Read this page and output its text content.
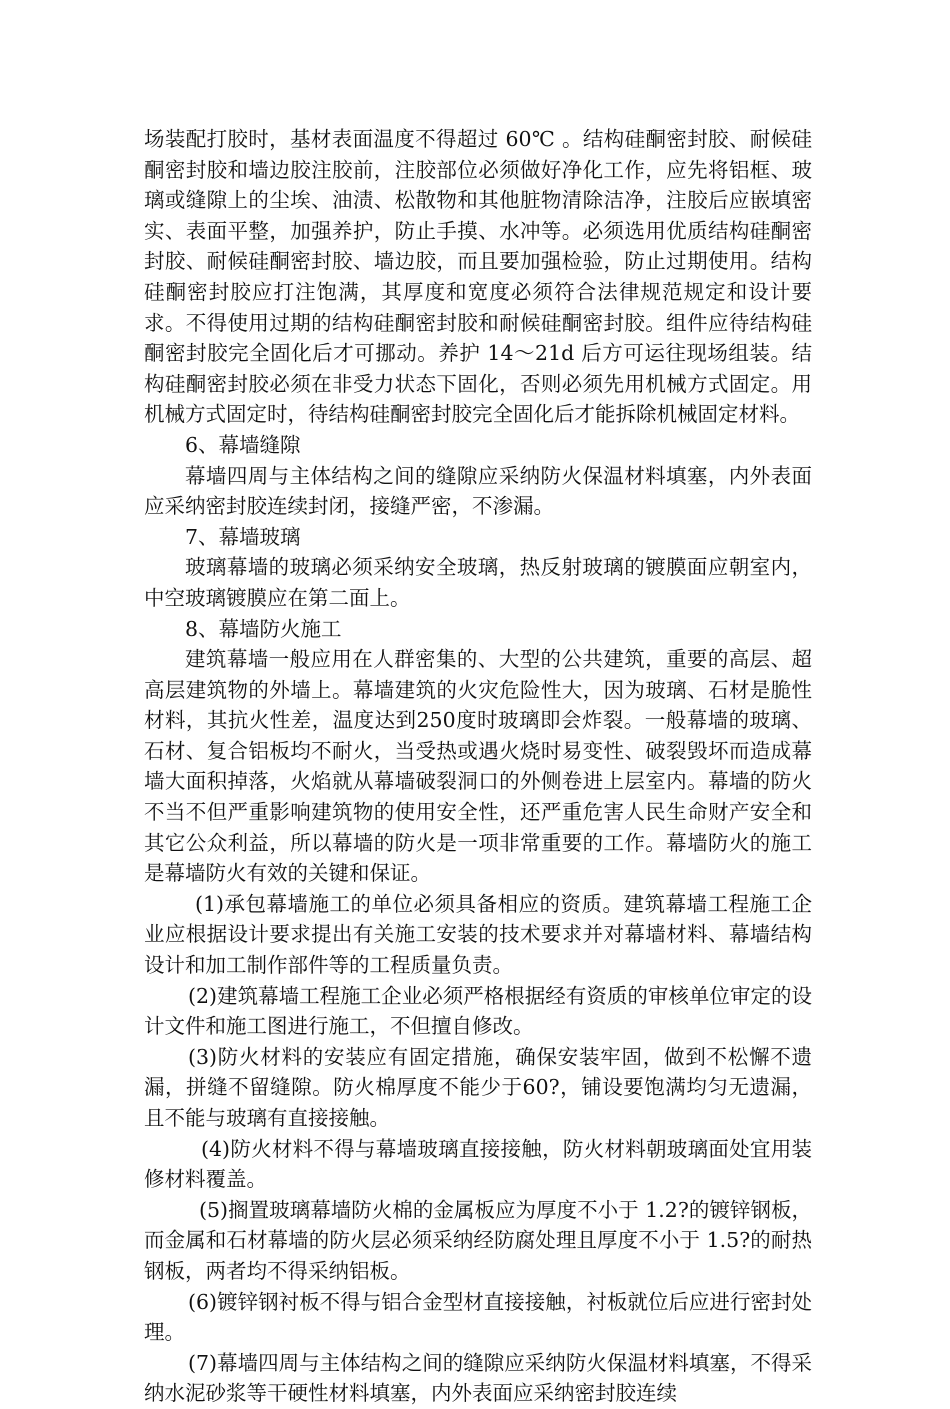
场装配打胶时，基材表面温度不得超过 60℃ 。结构硅酮密封胶、耐候硅酮密封胶和墙边胶注胶前，注胶部位必须做好净化工作，应先将铝框、玻璃或缝隙上的尘埃、油渍、松散物和其他脏物清除洁净，注胶后应嵌填密实、表面平整，加强养护，防止手摸、水冲等。必须选用优质结构硅酮密封胶、耐候硅酮密封胶、墙边胶，而且要加强检验，防止过期使用。结构硅酮密封胶应打注饱满，其厚度和宽度必须符合法律规范规定和设计要求。不得使用过期的结构硅酮密封胶和耐候硅酮密封胶。组件应待结构硅酮密封胶完全固化后才可挪动。养护 14～21d 后方可运往现场组装。结构硅酮密封胶必须在非受力状态下固化，否则必须先用机械方式固定。用机械方式固定时，待结构硅酮密封胶完全固化后才能拆除机械固定材料。

6、幕墙缝隙

幕墙四周与主体结构之间的缝隙应采纳防火保温材料填塞，内外表面应采纳密封胶连续封闭，接缝严密，不渗漏。

7、幕墙玻璃

玻璃幕墙的玻璃必须采纳安全玻璃，热反射玻璃的镀膜面应朝室内，中空玻璃镀膜应在第二面上。

8、幕墙防火施工

建筑幕墙一般应用在人群密集的、大型的公共建筑，重要的高层、超高层建筑物的外墙上。幕墙建筑的火灾危险性大，因为玻璃、石材是脆性材料，其抗火性差，温度达到250度时玻璃即会炸裂。一般幕墙的玻璃、石材、复合铝板均不耐火，当受热或遇火烧时易变性、破裂毁坏而造成幕墙大面积掉落，火焰就从幕墙破裂洞口的外侧卷进上层室内。幕墙的防火不当不但严重影响建筑物的使用安全性，还严重危害人民生命财产安全和其它公众利益，所以幕墙的防火是一项非常重要的工作。幕墙防火的施工是幕墙防火有效的关键和保证。

(1)承包幕墙施工的单位必须具备相应的资质。建筑幕墙工程施工企业应根据设计要求提出有关施工安装的技术要求并对幕墙材料、幕墙结构设计和加工制作部件等的工程质量负责。

(2)建筑幕墙工程施工企业必须严格根据经有资质的审核单位审定的设计文件和施工图进行施工，不但擅自修改。

(3)防火材料的安装应有固定措施，确保安装牢固，做到不松懈不遗漏，拼缝不留缝隙。防火棉厚度不能少于60?，铺设要饱满均匀无遗漏，且不能与玻璃有直接接触。

(4)防火材料不得与幕墙玻璃直接接触，防火材料朝玻璃面处宜用装修材料覆盖。

(5)搁置玻璃幕墙防火棉的金属板应为厚度不小于 1.2?的镀锌钢板，而金属和石材幕墙的防火层必须采纳经防腐处理且厚度不小于 1.5?的耐热钢板，两者均不得采纳铝板。

(6)镀锌钢衬板不得与铝合金型材直接接触，衬板就位后应进行密封处理。

(7)幕墙四周与主体结构之间的缝隙应采纳防火保温材料填塞，不得采纳水泥砂浆等干硬性材料填塞，内外表面应采纳密封胶连续
